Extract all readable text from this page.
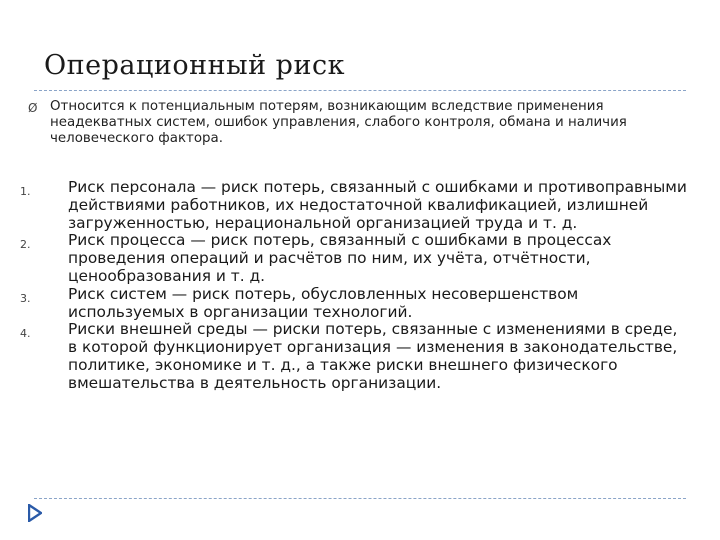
Операционный риск
Ø Относится к потенциальным потерям, возникающим вследствие применения неадекватных систем, ошибок управления, слабого контроля, обмана и наличия человеческого фактора.
1.	Риск персонала — риск потерь, связанный с ошибками и противоправными действиями работников, их недостаточной квалификацией, излишней загруженностью, нерациональной организацией труда и т. д.
2.	Риск процесса — риск потерь, связанный с ошибками в процессах проведения операций и расчётов по ним, их учёта, отчётности, ценообразования и т. д.
3.	Риск систем — риск потерь, обусловленных несовершенством используемых в организации технологий.
4.	Риски внешней среды — риски потерь, связанные с изменениями в среде, в которой функционирует организация — изменения в законодательстве, политике, экономике и т. д., а также риски внешнего физического вмешательства в деятельность организации.
